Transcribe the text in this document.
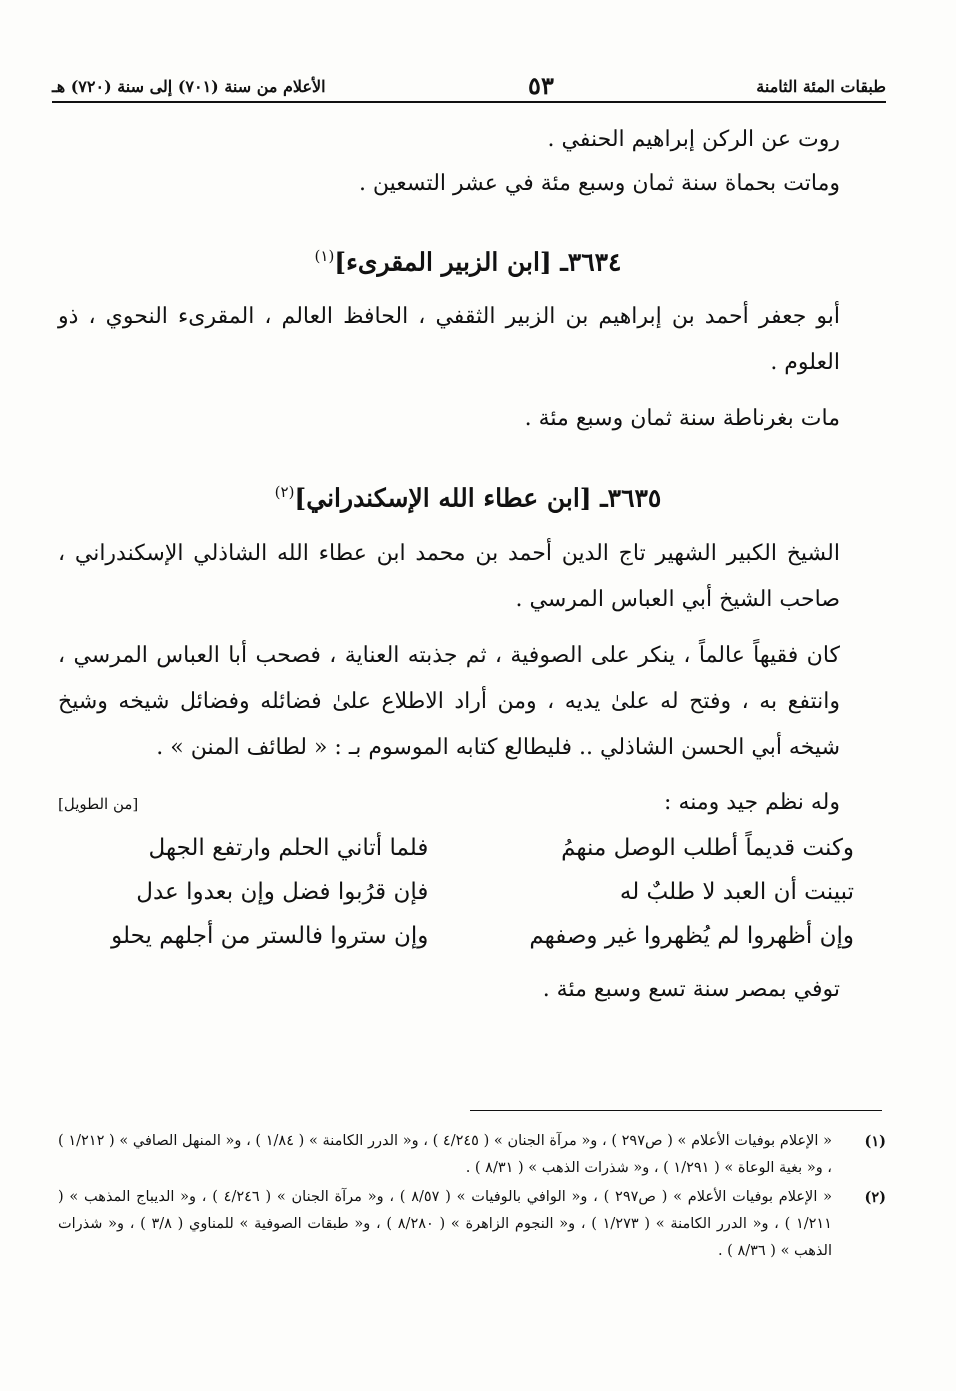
طبقات المئة الثامنة
٥٣
الأعلام من سنة (٧٠١) إلى سنة (٧٢٠) هـ

روت عن الركن إبراهيم الحنفي .

وماتت بحماة سنة ثمان وسبع مئة في عشر التسعين .

٣٦٣٤ـ [ابن الزبير المقرىء]$^{(١)}$

أبو جعفر أحمد بن إبراهيم بن الزبير الثقفي ، الحافظ العالم ، المقرىء النحوي ، ذو العلوم .

مات بغرناطة سنة ثمان وسبع مئة .

٣٦٣٥ـ [ابن عطاء الله الإسكندراني]$^{(٢)}$

الشيخ الكبير الشهير تاج الدين أحمد بن محمد ابن عطاء الله الشاذلي الإسكندراني ، صاحب الشيخ أبي العباس المرسي .

كان فقيهاً عالماً ، ينكر على الصوفية ، ثم جذبته العناية ، فصحب أبا العباس المرسي ، وانتفع به ، وفتح له علىٰ يديه ، ومن أراد الاطلاع علىٰ فضائله وفضائل شيخه وشيخ شيخه أبي الحسن الشاذلي .. فليطالع كتابه الموسوم بـ : « لطائف المنن » .

وله نظم جيد ومنه :
[من الطويل]
وكنت قديماً أطلب الوصل منهمُ
فلما أتاني الحلم وارتفع الجهل
تبينت أن العبد لا طلبٌ له
فإن قرُبوا فضل وإن بعدوا عدل
وإن أظهروا لم يُظهروا غير وصفهم
وإن ستروا فالستر من أجلهم يحلو

توفي بمصر سنة تسع وسبع مئة .

(١)
« الإعلام بوفيات الأعلام » ( ص٢٩٧ ) ، و« مرآة الجنان » ( ٤/٢٤٥ ) ، و« الدرر الكامنة » ( ١/٨٤ ) ، و« المنهل الصافي » ( ١/٢١٢ ) ، و« بغية الوعاة » ( ١/٢٩١ ) ، و« شذرات الذهب » ( ٨/٣١ ) .
(٢)
« الإعلام بوفيات الأعلام » ( ص٢٩٧ ) ، و« الوافي بالوفيات » ( ٨/٥٧ ) ، و« مرآة الجنان » ( ٤/٢٤٦ ) ، و« الديباج المذهب » ( ١/٢١١ ) ، و« الدرر الكامنة » ( ١/٢٧٣ ) ، و« النجوم الزاهرة » ( ٨/٢٨٠ ) ، و« طبقات الصوفية » للمناوي ( ٣/٨ ) ، و« شذرات الذهب » ( ٨/٣٦ ) .
